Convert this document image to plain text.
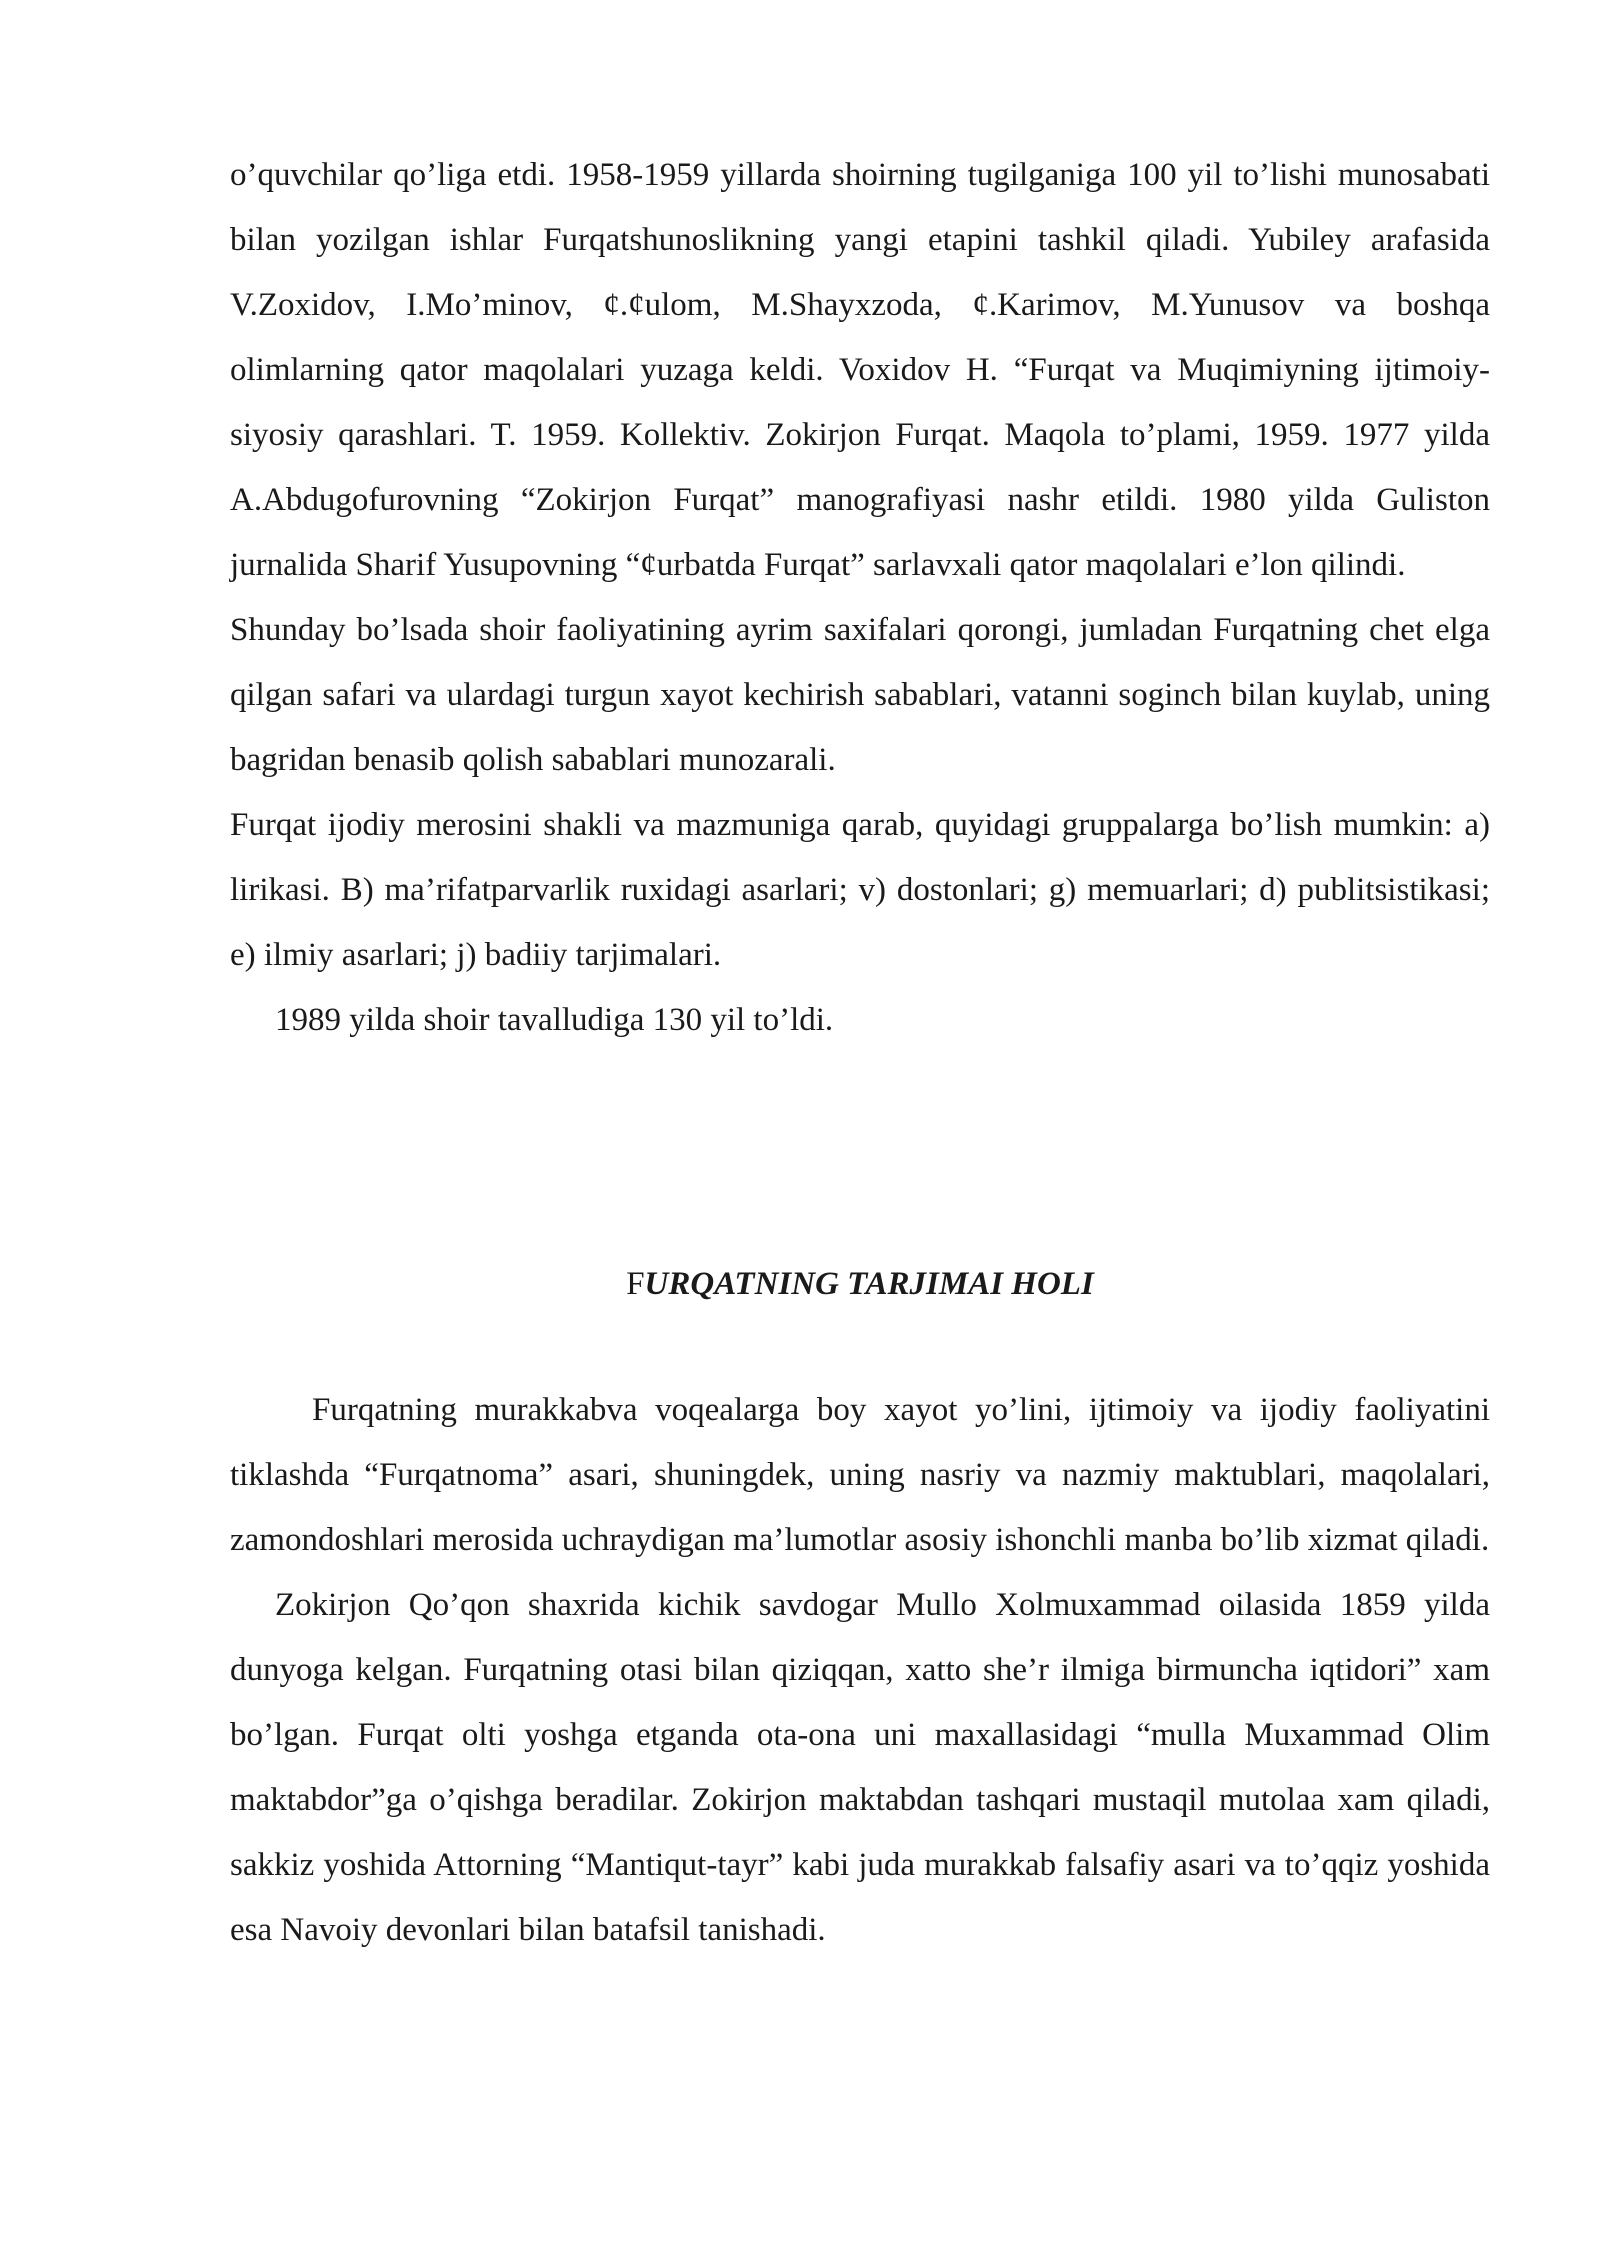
o’quvchilar qo’liga etdi. 1958-1959 yillarda shoirning tugilganiga 100 yil to’lishi munosabati bilan yozilgan ishlar Furqatshunoslikning yangi etapini tashkil qiladi. Yubiley arafasida V.Zoxidov, I.Mo’minov, ¢.¢ulom, M.Shayxzoda, ¢.Karimov, M.Yunusov va boshqa olimlarning qator maqolalari yuzaga keldi. Voxidov H. “Furqat va Muqimiyning ijtimoiy-siyosiy qarashlari. T. 1959. Kollektiv. Zokirjon Furqat. Maqola to’plami, 1959. 1977 yilda A.Abdugofurovning “Zokirjon Furqat” manografiyasi nashr etildi. 1980 yilda Guliston jurnalida Sharif Yusupovning “¢urbatda Furqat” sarlavxali qator maqolalari e’lon qilindi.

Shunday bo’lsada shoir faoliyatining ayrim saxifalari qorongi, jumladan Furqatning chet elga qilgan safari va ulardagi turgun xayot kechirish sabablari, vatanni soginch bilan kuylab, uning bagridan benasib qolish sabablari munozarali.

Furqat ijodiy merosini shakli va mazmuniga qarab, quyidagi gruppalarga bo’lish mumkin: a) lirikasi. B) ma’rifatparvarlik ruxidagi asarlari; v) dostonlari; g) memuarlari; d) publitsistikasi; e) ilmiy asarlari; j) badiiy tarjimalari.

1989 yilda shoir tavalludiga 130 yil to’ldi.

FURQATNING TARJIMAI HOLI

Furqatning murakkabva voqealarga boy xayot yo’lini, ijtimoiy va ijodiy faoliyatini tiklashda “Furqatnoma” asari, shuningdek, uning nasriy va nazmiy maktublari, maqolalari, zamondoshlari merosida uchraydigan ma’lumotlar asosiy ishonchli manba bo’lib xizmat qiladi.

Zokirjon Qo’qon shaxrida kichik savdogar Mullo Xolmuxammad oilasida 1859 yilda dunyoga kelgan. Furqatning otasi bilan qiziqqan, xatto she’r ilmiga birmuncha iqtidori” xam bo’lgan. Furqat olti yoshga etganda ota-ona uni maxallasidagi “mulla Muxammad Olim maktabdor”ga o’qishga beradilar. Zokirjon maktabdan tashqari mustaqil mutolaa xam qiladi, sakkiz yoshida Attorning “Mantiqut-tayr” kabi juda murakkab falsafiy asari va to’qqiz yoshida esa Navoiy devonlari bilan batafsil tanishadi.
